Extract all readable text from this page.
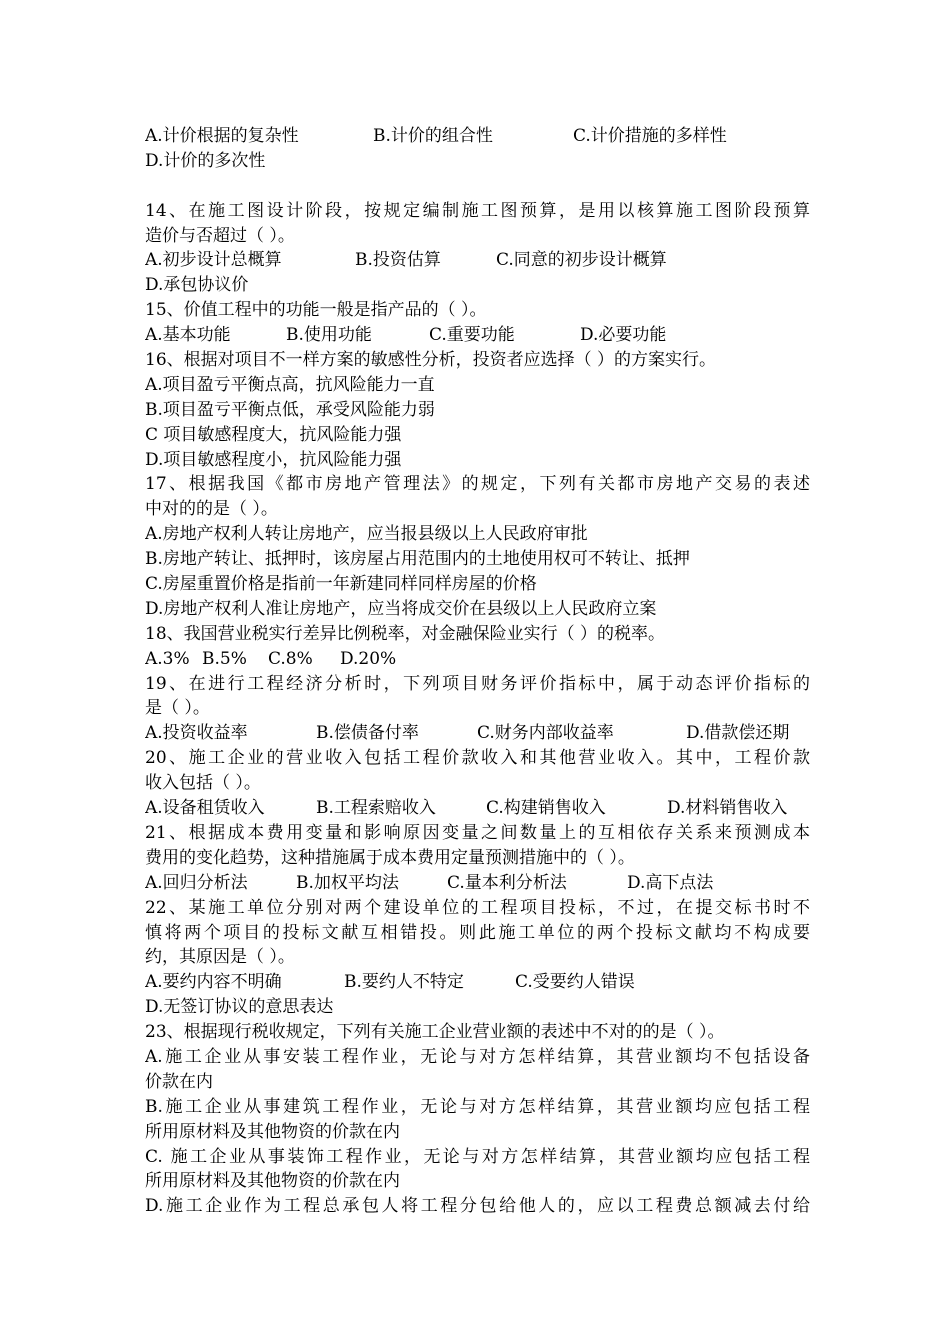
A.计价根据的复杂性	B.计价的组合性	C.计价措施的多样性
D.计价的多次性
14、在施工图设计阶段，按规定编制施工图预算，是用以核算施工图阶段预算
造价与否超过（ ）。
A.初步设计总概算	B.投资估算	C.同意的初步设计概算
D.承包协议价
15、价值工程中的功能一般是指产品的（ ）。
A.基本功能	B.使用功能	C.重要功能	D.必要功能
16、根据对项目不一样方案的敏感性分析，投资者应选择（ ）的方案实行。
A.项目盈亏平衡点高，抗风险能力一直
B.项目盈亏平衡点低，承受风险能力弱
C 项目敏感程度大，抗风险能力强
D.项目敏感程度小，抗风险能力强
17、根据我国《都市房地产管理法》的规定，下列有关都市房地产交易的表述
中对的的是（ ）。
A.房地产权利人转让房地产，应当报县级以上人民政府审批
B.房地产转让、抵押时，该房屋占用范围内的土地使用权可不转让、抵押
C.房屋重置价格是指前一年新建同样同样房屋的价格
D.房地产权利人准让房地产，应当将成交价在县级以上人民政府立案
18、我国营业税实行差异比例税率，对金融保险业实行（ ）的税率。
A.3% B.5% C.8% D.20%
19、在进行工程经济分析时，下列项目财务评价指标中，属于动态评价指标的
是（ ）。
A.投资收益率	B.偿债备付率	C.财务内部收益率	D.借款偿还期
20、施工企业的营业收入包括工程价款收入和其他营业收入。其中，工程价款
收入包括（ ）。
A.设备租赁收入	B.工程索赔收入	C.构建销售收入	D.材料销售收入
21、根据成本费用变量和影响原因变量之间数量上的互相依存关系来预测成本
费用的变化趋势，这种措施属于成本费用定量预测措施中的（ ）。
A.回归分析法	B.加权平均法	C.量本利分析法	D.高下点法
22、某施工单位分别对两个建设单位的工程项目投标，不过，在提交标书时不
慎将两个项目的投标文献互相错投。则此施工单位的两个投标文献均不构成要
约，其原因是（ ）。
A.要约内容不明确	B.要约人不特定	C.受要约人错误
D.无签订协议的意思表达
23、根据现行税收规定，下列有关施工企业营业额的表述中不对的的是（ ）。
A.施工企业从事安装工程作业，无论与对方怎样结算，其营业额均不包括设备
价款在内
B.施工企业从事建筑工程作业，无论与对方怎样结算，其营业额均应包括工程
所用原材料及其他物资的价款在内
C. 施工企业从事装饰工程作业，无论与对方怎样结算，其营业额均应包括工程
所用原材料及其他物资的价款在内
D.施工企业作为工程总承包人将工程分包给他人的，应以工程费总额减去付给
